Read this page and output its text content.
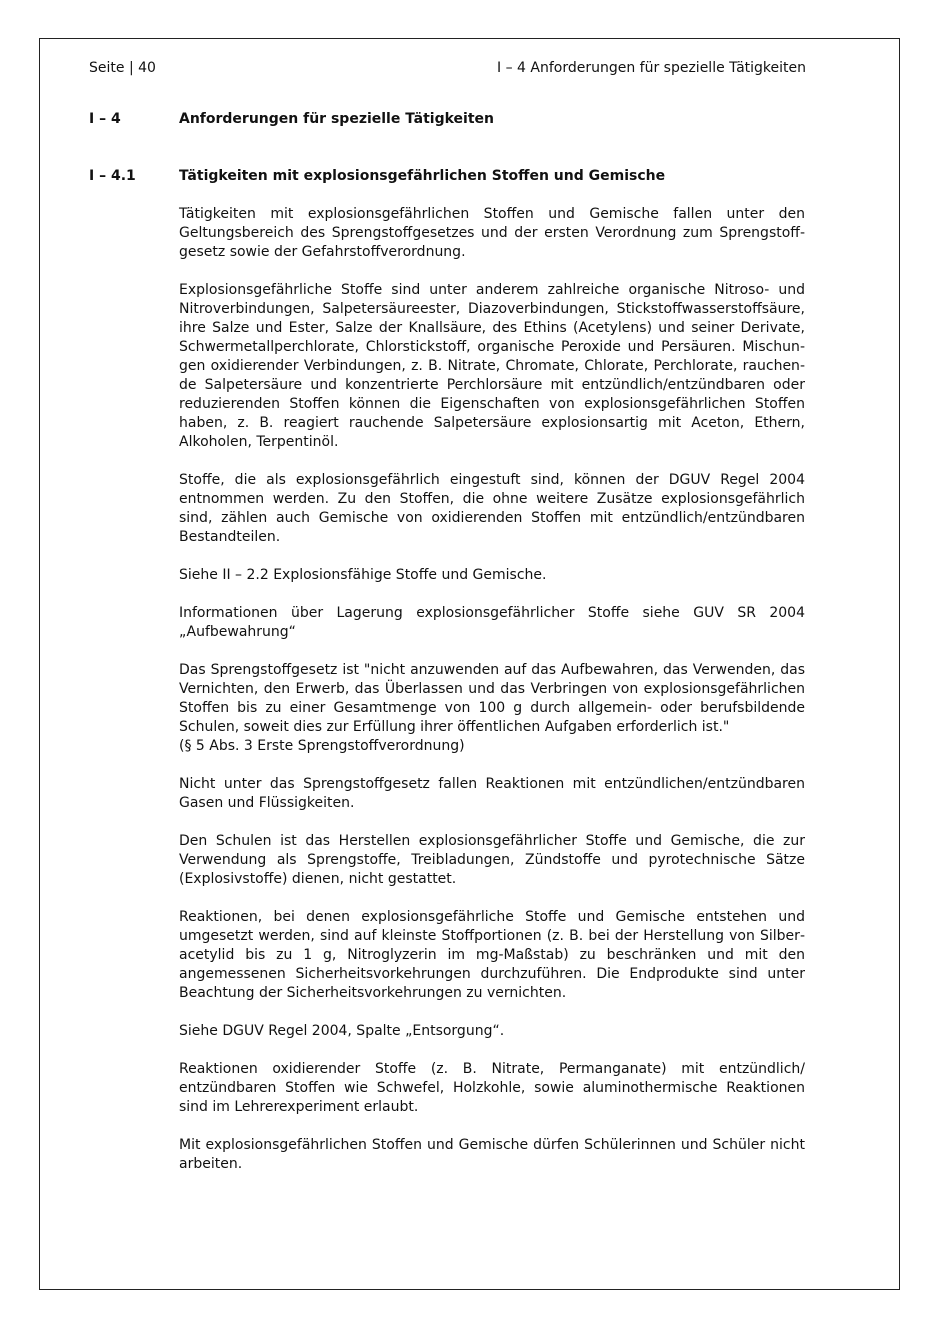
Seite | 40	I – 4 Anforderungen für spezielle Tätigkeiten
I – 4	Anforderungen für spezielle Tätigkeiten
I – 4.1	Tätigkeiten mit explosionsgefährlichen Stoffen und Gemische

Tätigkeiten mit explosionsgefährlichen Stoffen und Gemische fallen unter den Geltungsbereich des Sprengstoffgesetzes und der ersten Verordnung zum Sprengstoffgesetz sowie der Gefahrstoffverordnung.

Explosionsgefährliche Stoffe sind unter anderem zahlreiche organische Nitroso- und Nitroverbindungen, Salpetersäureester, Diazoverbindungen, Stickstoffwasserstoffsäure, ihre Salze und Ester, Salze der Knallsäure, des Ethins (Acetylens) und seiner Derivate, Schwermetallperchlorate, Chlorstickstoff, organische Peroxide und Persäuren. Mischungen oxidierender Verbindungen, z. B. Nitrate, Chromate, Chlorate, Perchlorate, rauchende Salpetersäure und konzentrierte Perchlorsäure mit entzündlich/entzündbaren oder reduzierenden Stoffen können die Eigenschaften von explosionsgefährlichen Stoffen haben, z. B. reagiert rauchende Salpetersäure explosionsartig mit Aceton, Ethern, Alkoholen, Terpentinöl.

Stoffe, die als explosionsgefährlich eingestuft sind, können der DGUV Regel 2004 entnommen werden. Zu den Stoffen, die ohne weitere Zusätze explosionsgefährlich sind, zählen auch Gemische von oxidierenden Stoffen mit entzündlich/entzündbaren Bestandteilen.

Siehe II – 2.2 Explosionsfähige Stoffe und Gemische.

Informationen über Lagerung explosionsgefährlicher Stoffe siehe GUV SR 2004 „Aufbewahrung“

Das Sprengstoffgesetz ist "nicht anzuwenden auf das Aufbewahren, das Verwenden, das Vernichten, den Erwerb, das Überlassen und das Verbringen von explosionsgefährlichen Stoffen bis zu einer Gesamtmenge von 100 g durch allgemein- oder berufsbildende Schulen, soweit dies zur Erfüllung ihrer öffentlichen Aufgaben erforderlich ist."
(§ 5 Abs. 3 Erste Sprengstoffverordnung)

Nicht unter das Sprengstoffgesetz fallen Reaktionen mit entzündlichen/entzündbaren Gasen und Flüssigkeiten.

Den Schulen ist das Herstellen explosionsgefährlicher Stoffe und Gemische, die zur Verwendung als Sprengstoffe, Treibladungen, Zündstoffe und pyrotechnische Sätze (Explosivstoffe) dienen, nicht gestattet.

Reaktionen, bei denen explosionsgefährliche Stoffe und Gemische entstehen und umgesetzt werden, sind auf kleinste Stoffportionen (z. B. bei der Herstellung von Silberacetylid bis zu 1 g, Nitroglyzerin im mg-Maßstab) zu beschränken und mit den angemessenen Sicherheitsvorkehrungen durchzuführen. Die Endprodukte sind unter Beachtung der Sicherheitsvorkehrungen zu vernichten.

Siehe DGUV Regel 2004, Spalte „Entsorgung“.

Reaktionen oxidierender Stoffe (z. B. Nitrate, Permanganate) mit entzündlich/ entzündbaren Stoffen wie Schwefel, Holzkohle, sowie aluminothermische Reaktionen sind im Lehrerexperiment erlaubt.

Mit explosionsgefährlichen Stoffen und Gemische dürfen Schülerinnen und Schüler nicht arbeiten.
